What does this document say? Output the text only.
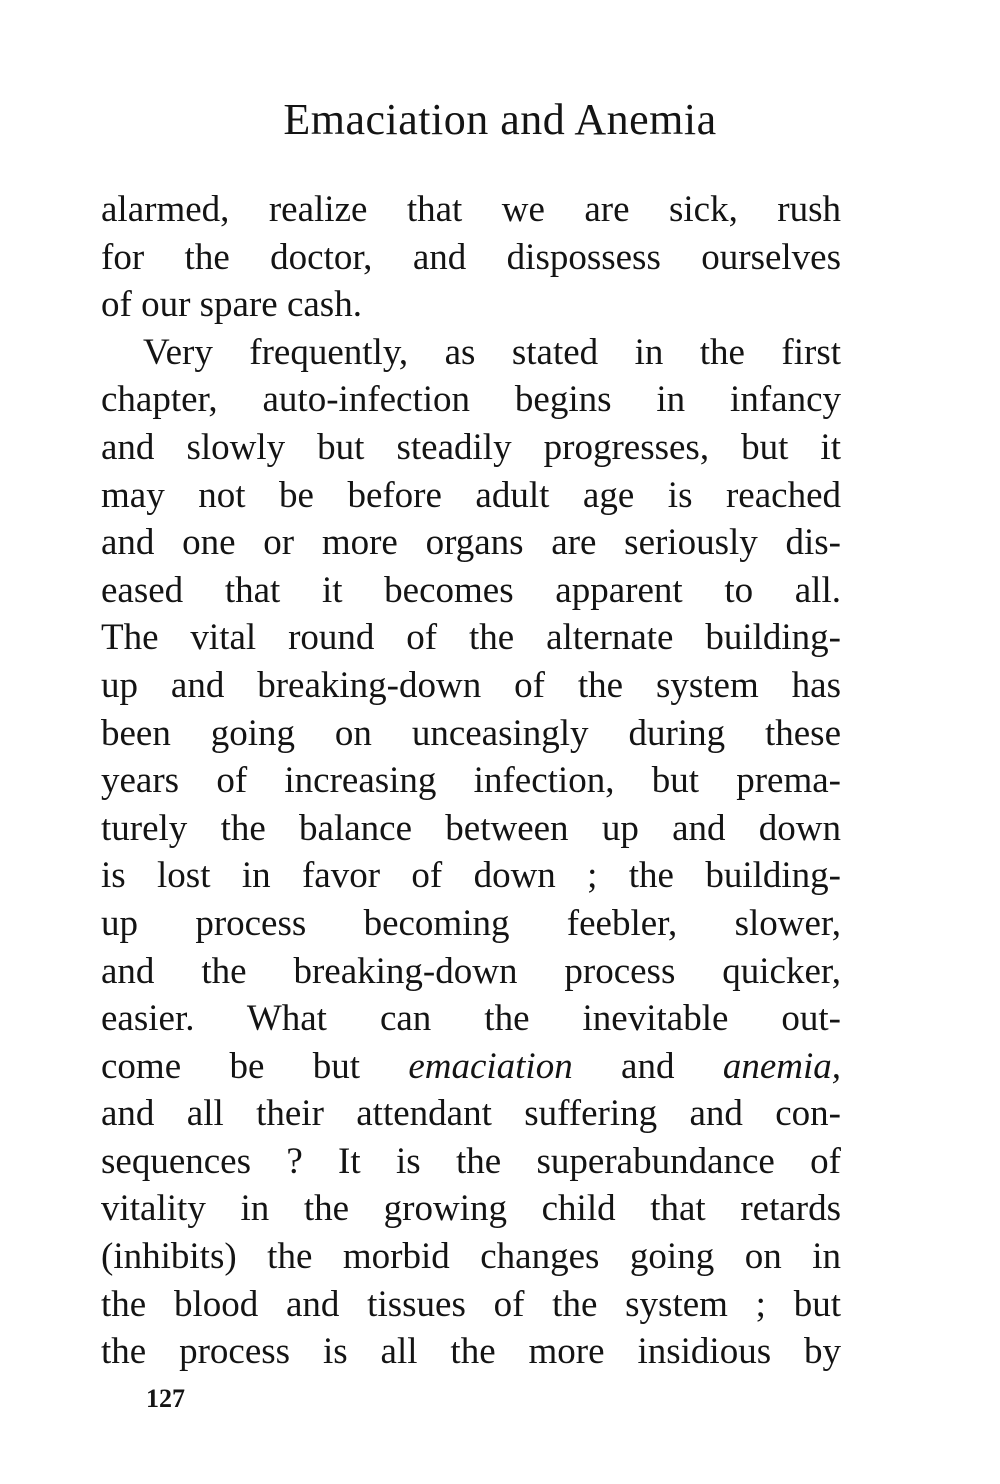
Emaciation and Anemia
alarmed, realize that we are sick, rush
for the doctor, and dispossess ourselves
of our spare cash.
Very frequently, as stated in the first
chapter, auto-infection begins in infancy
and slowly but steadily progresses, but it
may not be before adult age is reached
and one or more organs are seriously dis-
eased that it becomes apparent to all.
The vital round of the alternate building-
up and breaking-down of the system has
been going on unceasingly during these
years of increasing infection, but prema-
turely the balance between up and down
is lost in favor of down ; the building-
up process becoming feebler, slower,
and the breaking-down process quicker,
easier. What can the inevitable out-
come be but emaciation and anemia,
and all their attendant suffering and con-
sequences ? It is the superabundance of
vitality in the growing child that retards
(inhibits) the morbid changes going on in
the blood and tissues of the system ; but
the process is all the more insidious by
127
